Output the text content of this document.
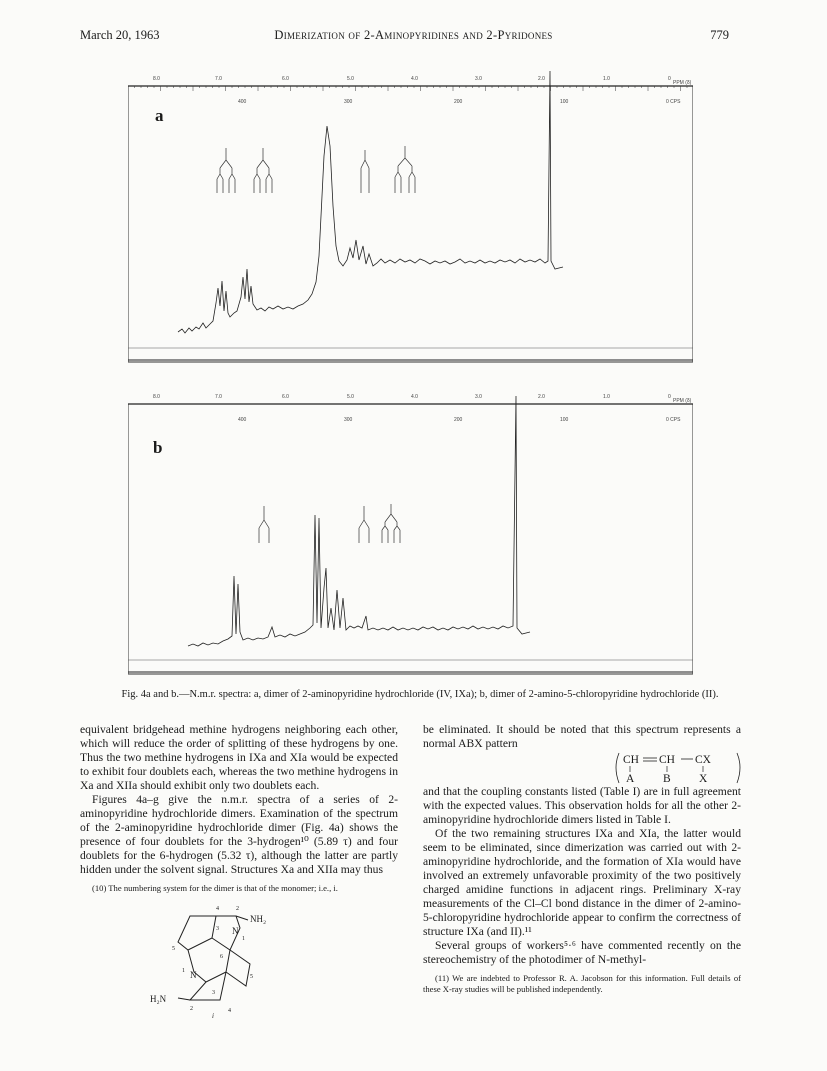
March 20, 1963	Dimerization of 2-Aminopyridines and 2-Pyridones	779
8.0	7.0	6.0	5.0	4.0	3.0	2.0	1.0	0
PPM (δ)
400	300	200	100	0 CPS
a
8.0	7.0	6.0	5.0	4.0	3.0	2.0	1.0	0
PPM (δ)
400	300	200	100	0 CPS
b
Fig. 4a and b.—N.m.r. spectra: a, dimer of 2-aminopyridine hydrochloride (IV, IXa); b, dimer of 2-amino-5-chloropyridine hydrochloride (II).

equivalent bridgehead methine hydrogens neighboring each other, which will reduce the order of splitting of these hydrogens by one. Thus the two methine hydrogens in IXa and XIa would be expected to exhibit four doublets each, whereas the two methine hydrogens in Xa and XIIa should exhibit only two doublets each.

Figures 4a–g give the n.m.r. spectra of a series of 2-aminopyridine hydrochloride dimers. Examination of the spectrum of the 2-aminopyridine hydrochloride dimer (Fig. 4a) shows the presence of four doublets for the 3-hydrogen¹⁰ (5.89 τ) and four doublets for the 6-hydrogen (5.32 τ), although the latter are partly hidden under the solvent signal. Structures Xa and XIIa may thus

(10) The numbering system for the dimer is that of the monomer; i.e., i.

NH₂
H₂N
N
N
4	2
3
1
5
6
1
5
2
3
4
i

be eliminated. It should be noted that this spectrum represents a normal ABX pattern

CH CH CX
A B X

and that the coupling constants listed (Table I) are in full agreement with the expected values. This observation holds for all the other 2-aminopyridine hydrochloride dimers listed in Table I.

Of the two remaining structures IXa and XIa, the latter would seem to be eliminated, since dimerization was carried out with 2-aminopyridine hydrochloride, and the formation of XIa would have involved an extremely unfavorable proximity of the two positively charged amidine functions in adjacent rings. Preliminary X-ray measurements of the Cl–Cl bond distance in the dimer of 2-amino-5-chloropyridine hydrochloride appear to confirm the correctness of structure IXa (and II).¹¹

Several groups of workers⁵·⁶ have commented recently on the stereochemistry of the photodimer of N-methyl-

(11) We are indebted to Professor R. A. Jacobson for this information. Full details of these X-ray studies will be published independently.
